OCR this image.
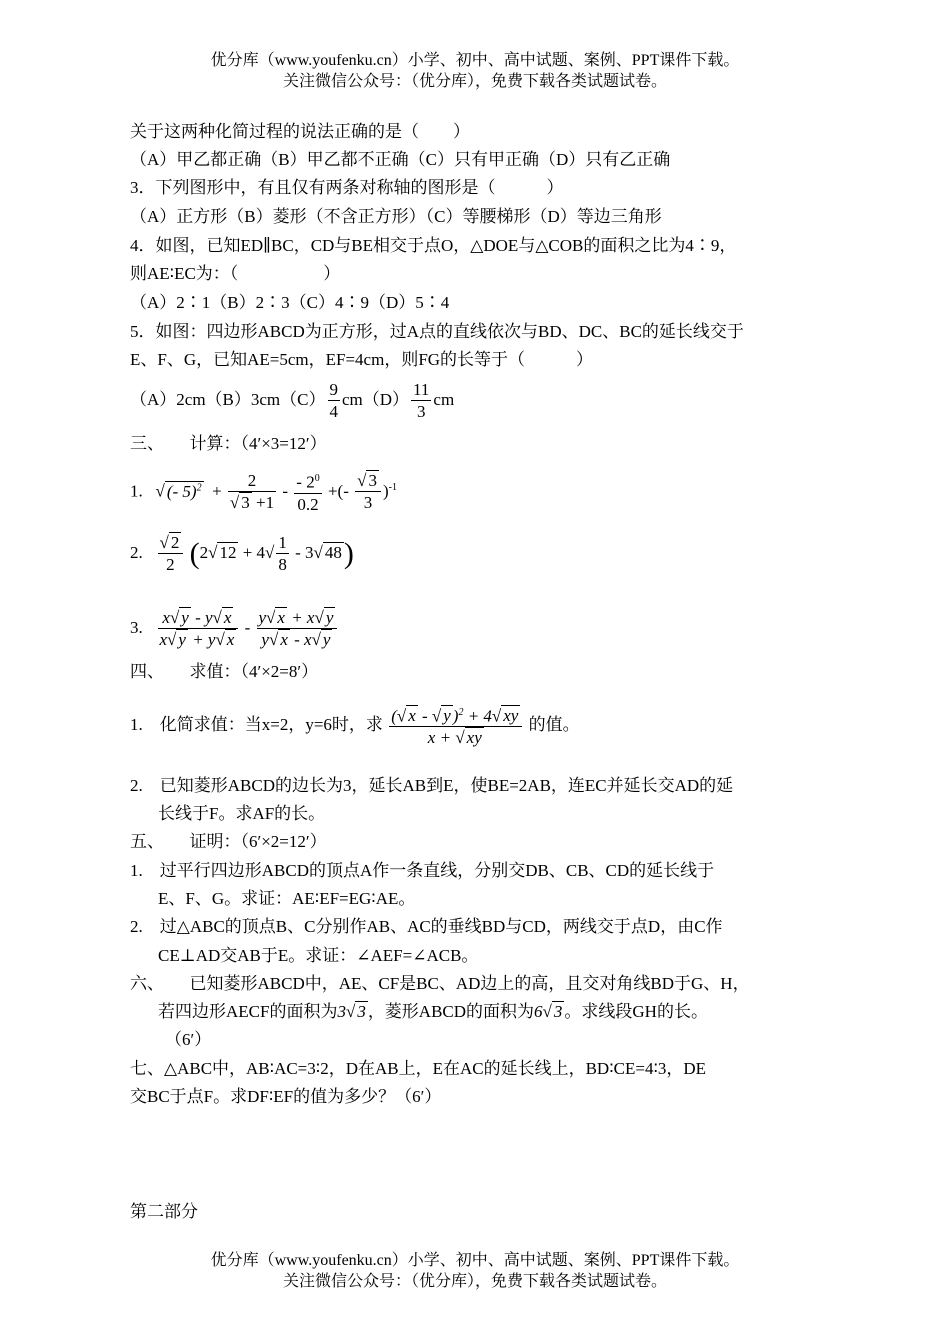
优分库（www.youfenku.cn）小学、初中、高中试题、案例、PPT课件下载。
关注微信公众号：（优分库），免费下载各类试题试卷。
关于这两种化简过程的说法正确的是（　　）
（A）甲乙都正确（B）甲乙都不正确（C）只有甲正确（D）只有乙正确
3．下列图形中，有且仅有两条对称轴的图形是（　　　）
（A）正方形（B）菱形（不含正方形）（C）等腰梯形（D）等边三角形
4．如图，已知ED∥BC，CD与BE相交于点O，△DOE与△COB的面积之比为4∶9，
则AE∶EC为：（　　　　　）
（A）2∶1（B）2∶3（C）4∶9（D）5∶4
5．如图：四边形ABCD为正方形，过A点的直线依次与BD、DC、BC的延长线交于
E、F、G，已知AE=5cm，EF=4cm，则FG的长等于（　　　）
$(A)2cm(B)3cm(C) \frac{9}{4} cm(D) \frac{11}{3}$ cm
三、　　计算：（4′×3=12′）
1. √ (- $5)^2 + \frac{2}{√ 3 +1} - \frac{- 2^0}{0.2}$ +(- $\frac{√ 3}{3} )^{-1}$
2. $\frac{√ 2}{2} (2√$ $12 + 4√ \frac{1}{8} - 3√$ 48)
3. $\frac{x√ y - y√ x}{x√ y + y√ x} - \frac{y√ x + x√ y}{y√ x - x√ y}$
四、　　求值：（4′×2=8′）
1.　化简求值：当x=2，y=6时，求 $\frac{(√ x - √ y )^2 + 4√ xy}{x + √ xy}$ 的值。
2.　已知菱形ABCD的边长为3，延长AB到E，使BE=2AB，连EC并延长交AD的延
长线于F。求AF的长。
五、　　证明：（6′×2=12′）
1.　过平行四边形ABCD的顶点A作一条直线，分别交DB、CB、CD的延长线于
E、F、G。求证：AE∶EF=EG∶AE。
2.　过△ABC的顶点B、C分别作AB、AC的垂线BD与CD，两线交于点D，由C作
CE⊥AD交AB于E。求证：∠AEF=∠ACB。
六、　　已知菱形ABCD中，AE、CF是BC、AD边上的高，且交对角线BD于G、H，
若四边形AECF的面积为3√ 3 ，菱形ABCD的面积为6√ 3 。求线段GH的长。
（6′）
七、△ABC中，AB∶AC=3∶2，D在AB上，E在AC的延长线上，BD∶CE=4∶3，DE
交BC于点F。求DF∶EF的值为多少？（6′）
第二部分
优分库（www.youfenku.cn）小学、初中、高中试题、案例、PPT课件下载。
关注微信公众号：（优分库），免费下载各类试题试卷。
